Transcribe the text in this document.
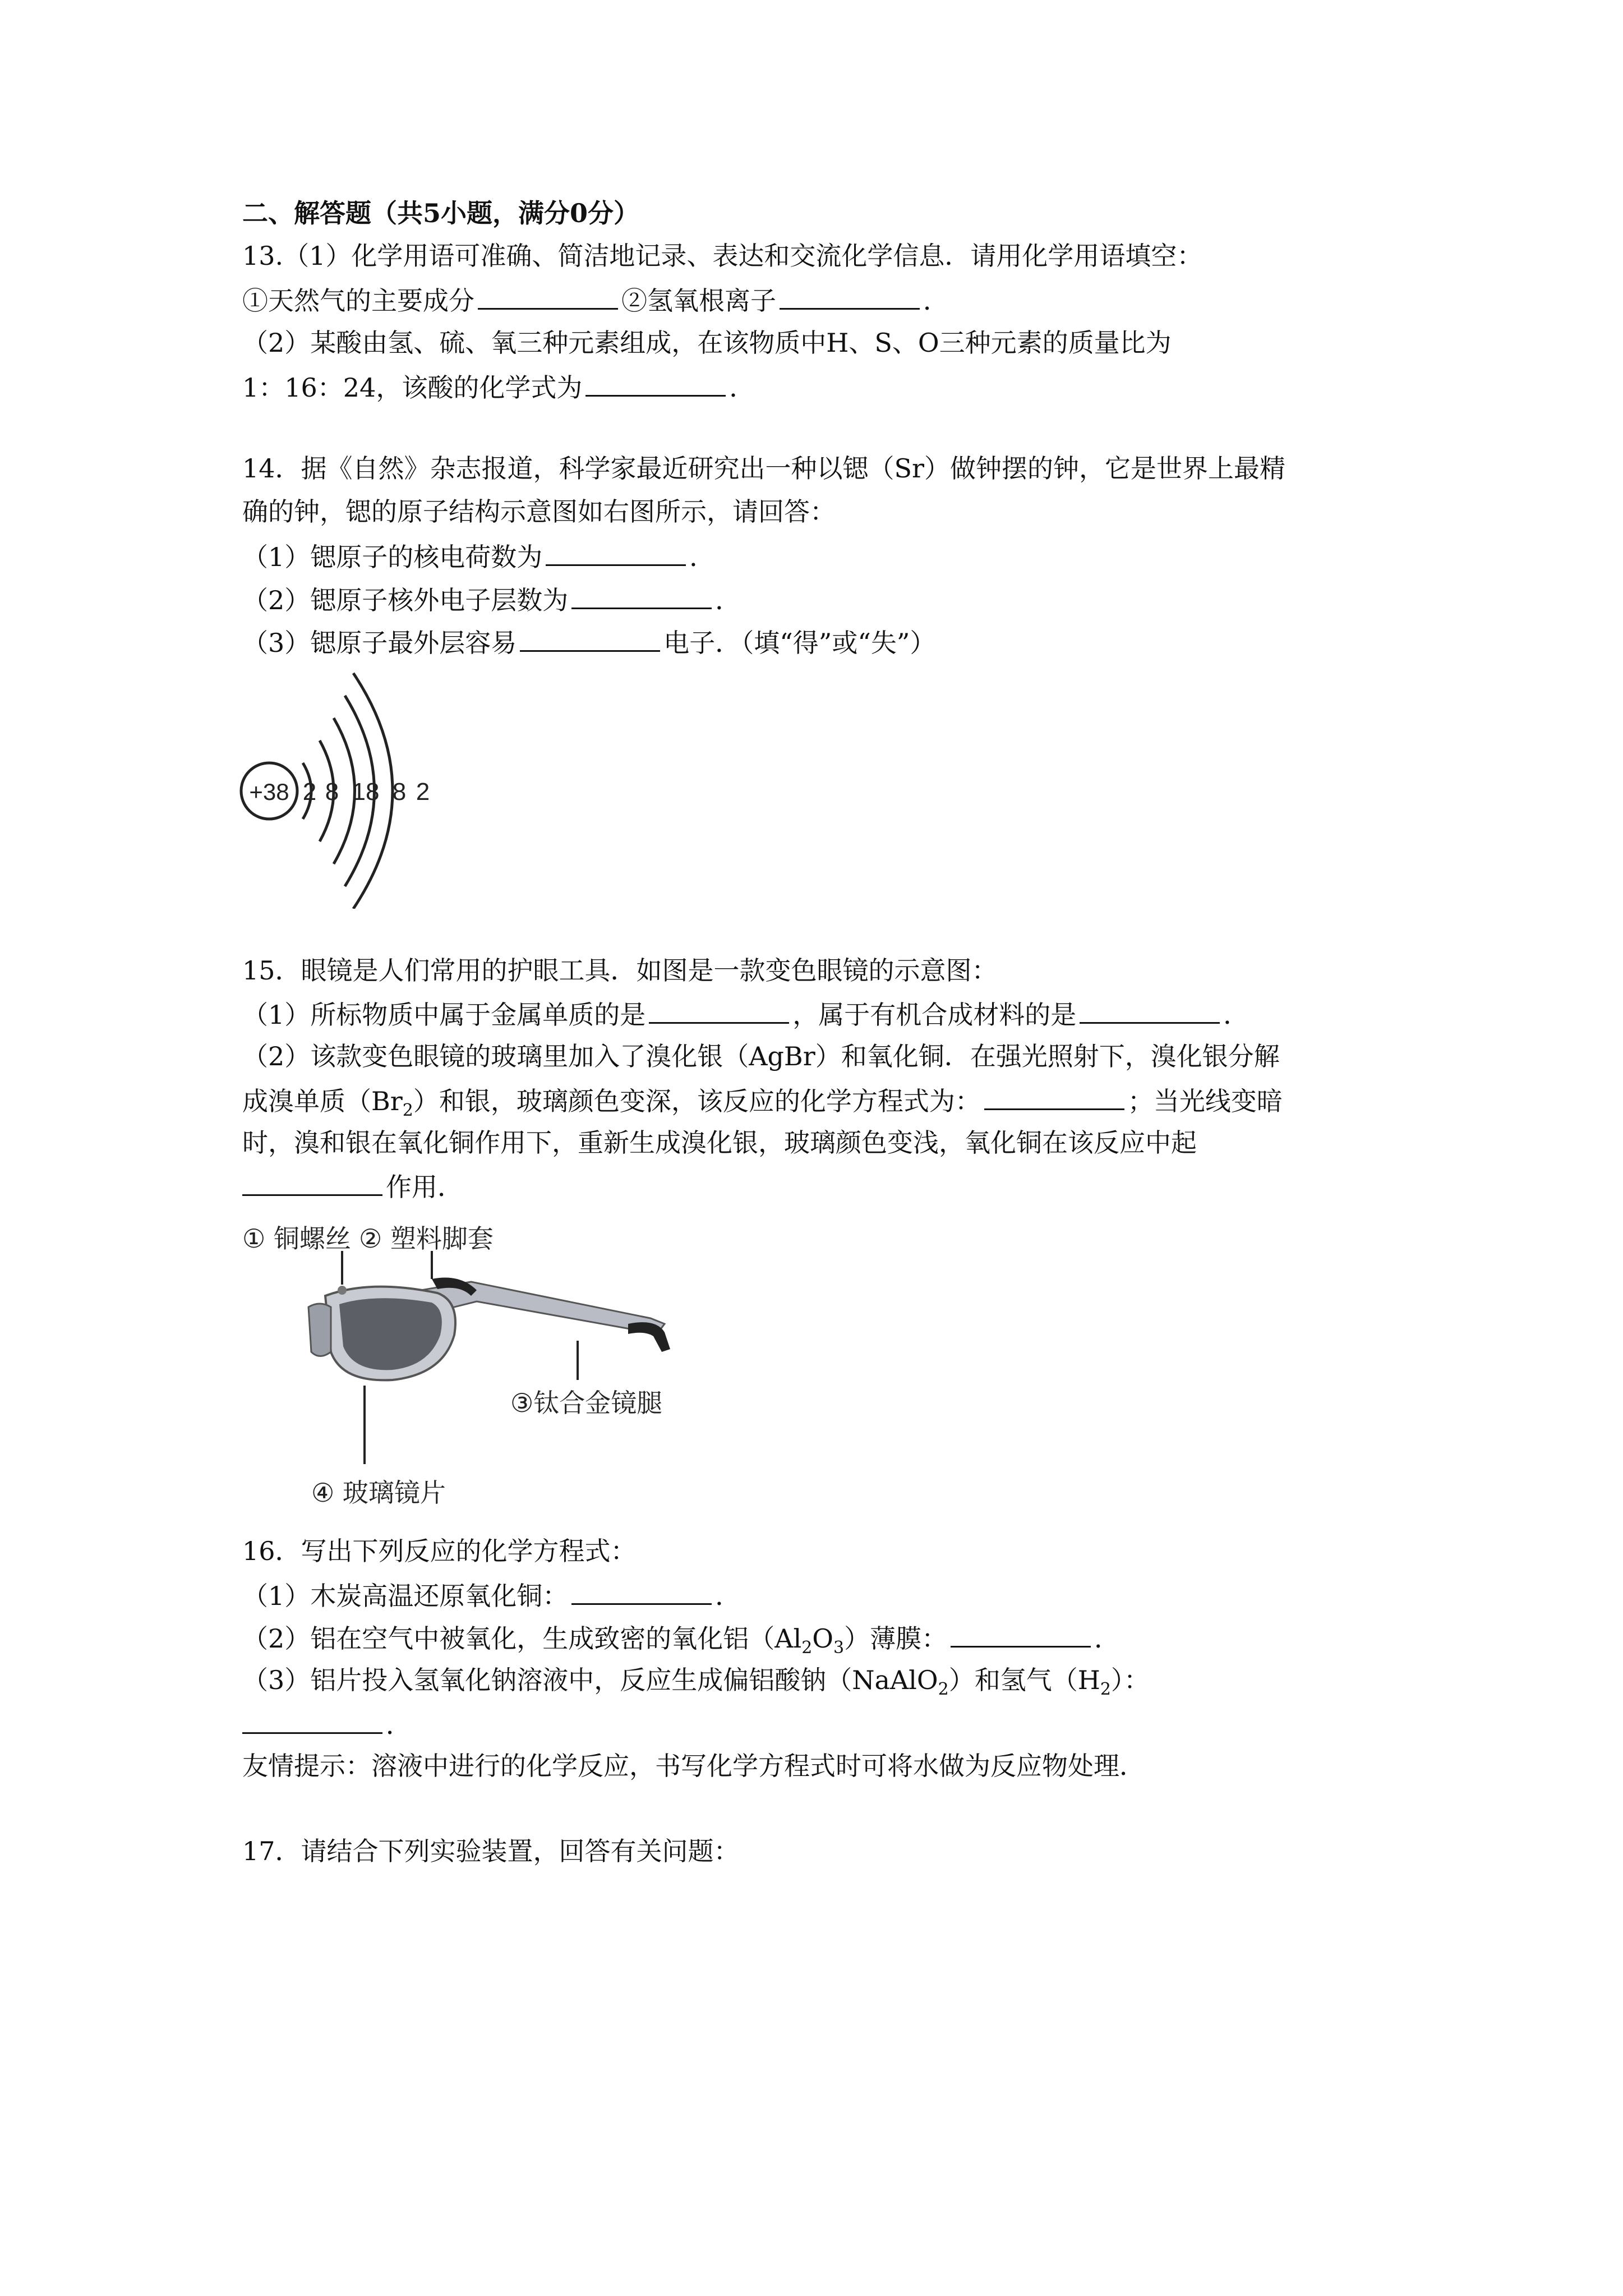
二、解答题（共5小题，满分0分）
13.（1）化学用语可准确、简洁地记录、表达和交流化学信息．请用化学用语填空：
①天然气的主要成分	②氢氧根离子	．
（2）某酸由氢、硫、氧三种元素组成，在该物质中H、S、O三种元素的质量比为
1：16：24，该酸的化学式为	．
14．据《自然》杂志报道，科学家最近研究出一种以锶（Sr）做钟摆的钟，它是世界上最精
确的钟，锶的原子结构示意图如右图所示，请回答：
（1）锶原子的核电荷数为	．
（2）锶原子核外电子层数为	．
（3）锶原子最外层容易	电子．（填“得”或“失”）
+38 2 8 18 8 2
15．眼镜是人们常用的护眼工具．如图是一款变色眼镜的示意图：
（1）所标物质中属于金属单质的是	，属于有机合成材料的是	．
（2）该款变色眼镜的玻璃里加入了溴化银（AgBr）和氧化铜．在强光照射下，溴化银分解
成溴单质$(Br_2)$和银，玻璃颜色变深，该反应的化学方程式为：	；当光线变暗
时，溴和银在氧化铜作用下，重新生成溴化银，玻璃颜色变浅，氧化铜在该反应中起
作用．
① 铜螺丝 ② 塑料脚套
③钛合金镜腿
④ 玻璃镜片
16．写出下列反应的化学方程式：
（1）木炭高温还原氧化铜：	．
（2）铝在空气中被氧化，生成致密的氧化铝$(Al_2O_3)$薄膜：	．
（3）铝片投入氢氧化钠溶液中，反应生成偏铝酸钠（NaAlO$_2$）和氢气$(H_2)$：
．
友情提示：溶液中进行的化学反应，书写化学方程式时可将水做为反应物处理．
17．请结合下列实验装置，回答有关问题：
